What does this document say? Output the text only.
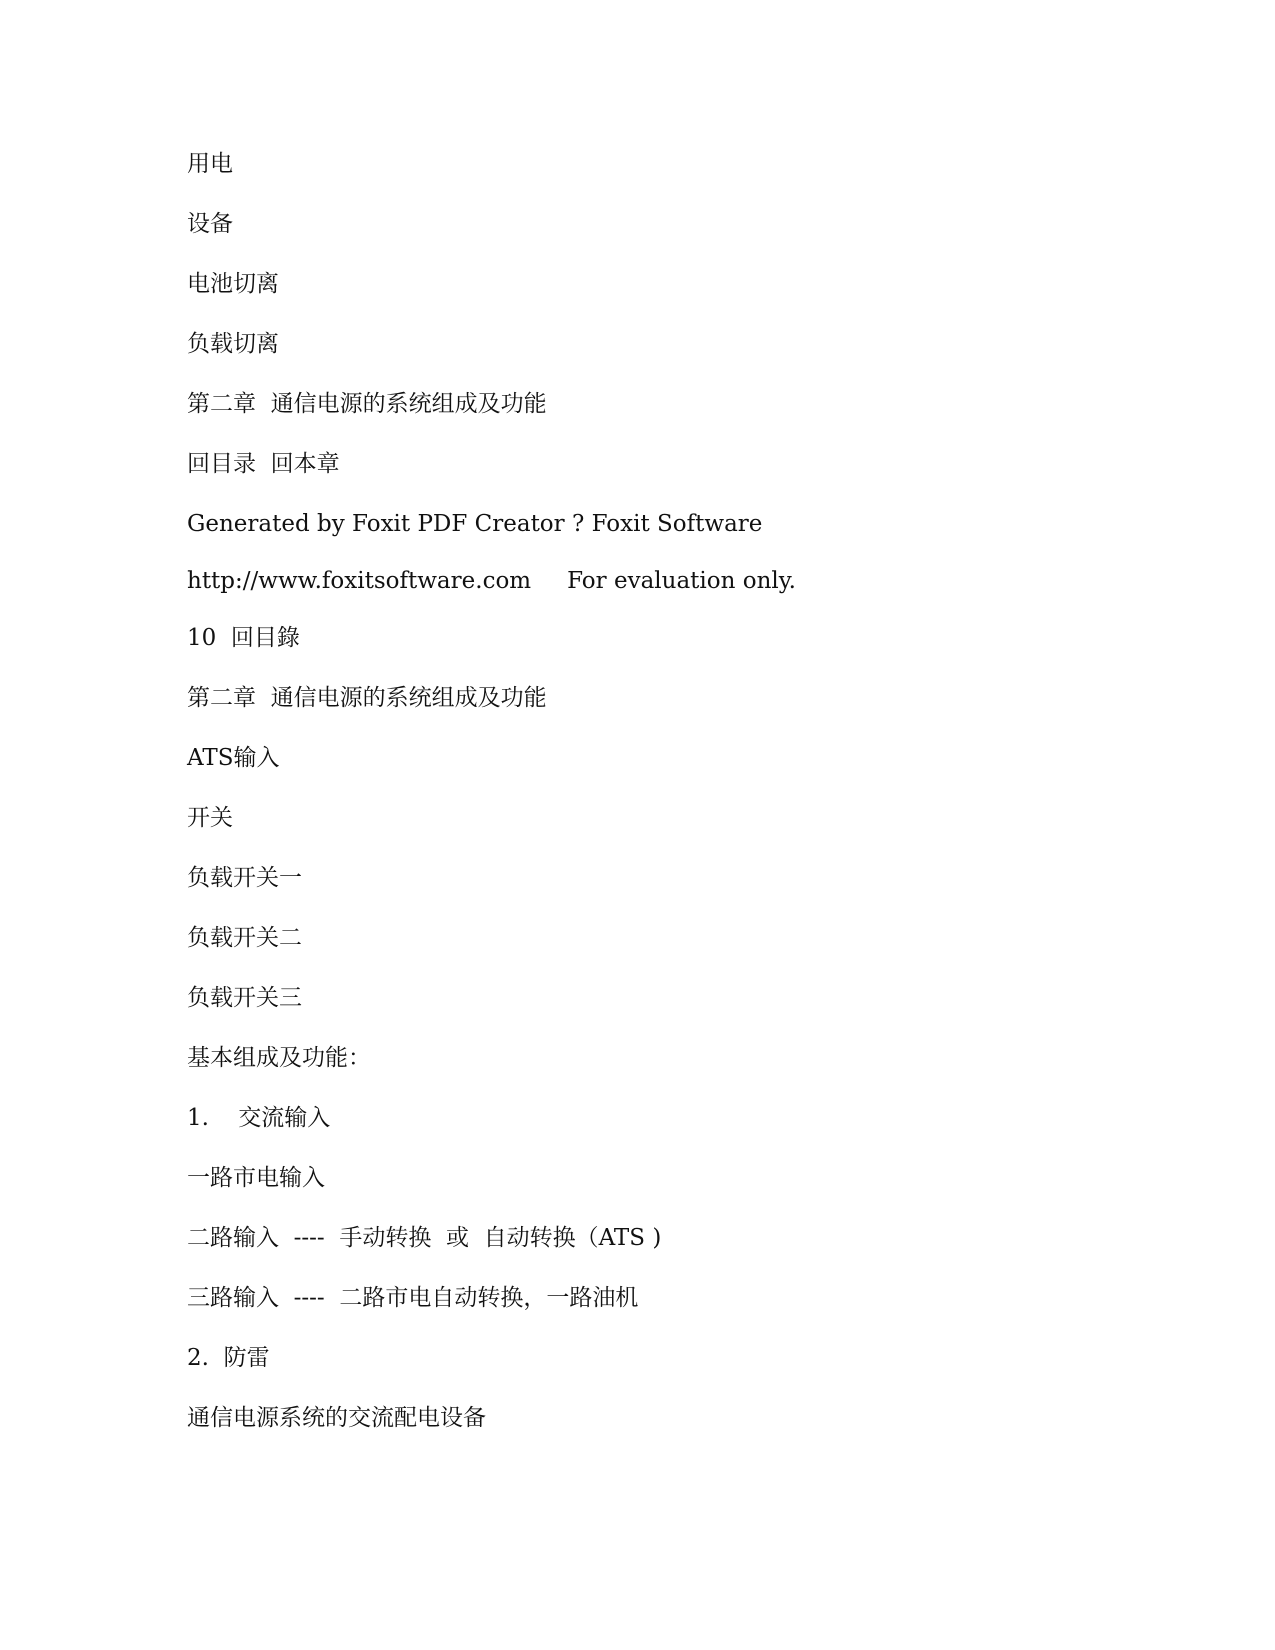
用电

设备

电池切离

负载切离

第二章  通信电源的系统组成及功能

回目录  回本章

Generated by Foxit PDF Creator ? Foxit Software

http://www.foxitsoftware.com For evaluation only.

10  回目錄

第二章  通信电源的系统组成及功能

ATS输入

开关

负载开关一

负载开关二

负载开关三

基本组成及功能：

1.    交流输入

一路市电输入

二路输入  ----  手动转换  或  自动转换（ATS )

三路输入  ----  二路市电自动转换，一路油机

2.  防雷

通信电源系统的交流配电设备
